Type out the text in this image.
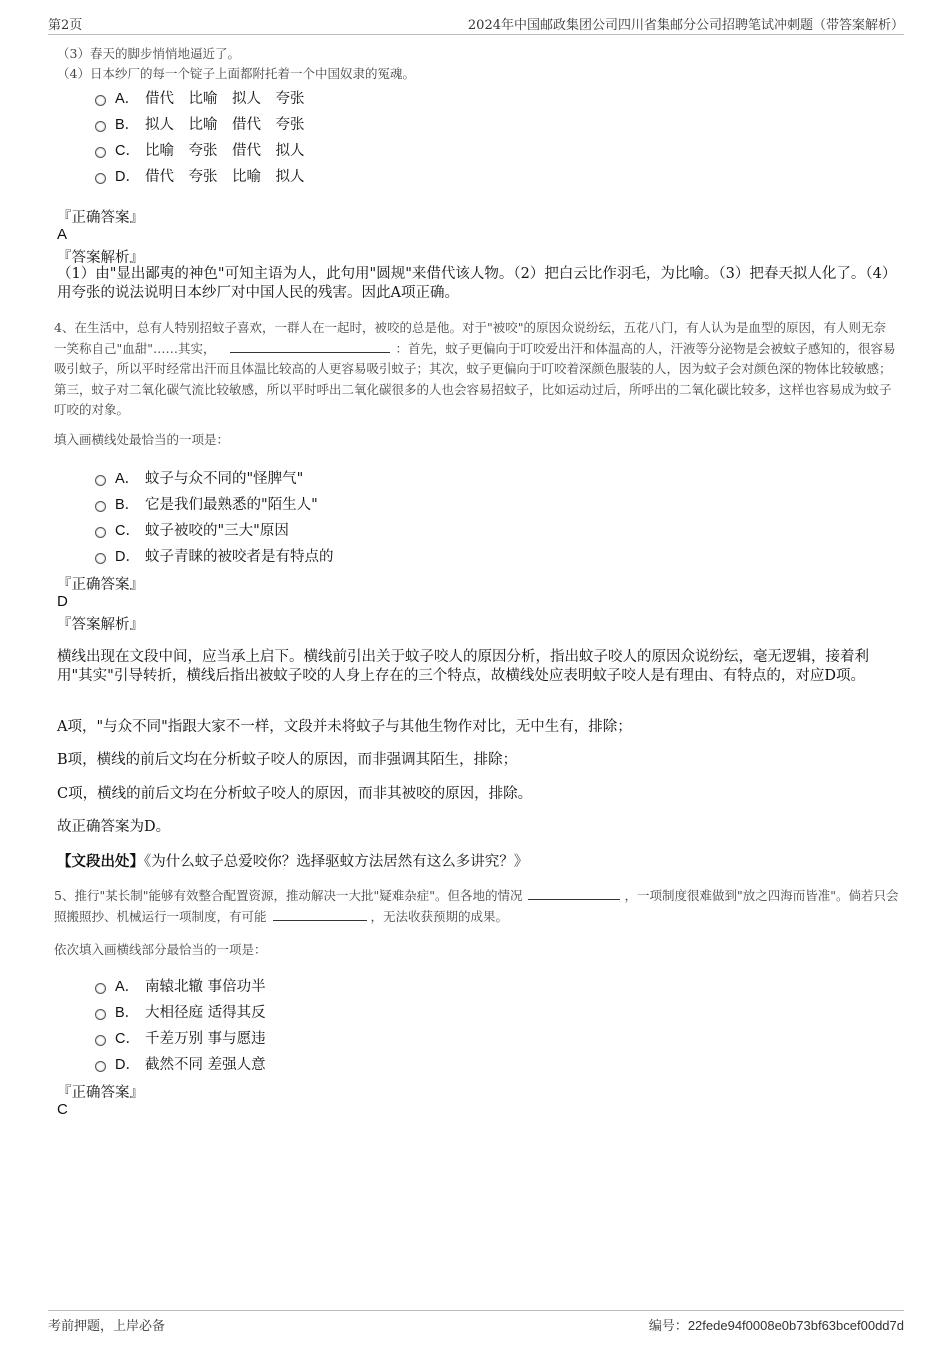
第2页	2024年中国邮政集团公司四川省集邮分公司招聘笔试冲刺题（带答案解析）
（3）春天的脚步悄悄地逼近了。
（4）日本纱厂的每一个锭子上面都附托着一个中国奴隶的冤魂。
A． 借代　比喻　拟人　夸张
B． 拟人　比喻　借代　夸张
C． 比喻　夸张　借代　拟人
D． 借代　夸张　比喻　拟人
『正确答案』
A
『答案解析』
（1）由"显出鄙夷的神色"可知主语为人，此句用"圆规"来借代该人物。（2）把白云比作羽毛，为比喻。（3）把春天拟人化了。（4）用夸张的说法说明日本纱厂对中国人民的残害。因此A项正确。
4、在生活中，总有人特别招蚊子喜欢，一群人在一起时，被咬的总是他。对于"被咬"的原因众说纷纭，五花八门，有人认为是血型的原因，有人则无奈一笑称自己"血甜"……其实，	：首先，蚊子更偏向于叮咬爱出汗和体温高的人，汗液等分泌物是会被蚊子感知的，很容易吸引蚊子，所以平时经常出汗而且体温比较高的人更容易吸引蚊子；其次，蚊子更偏向于叮咬着深颜色服装的人，因为蚊子会对颜色深的物体比较敏感；第三，蚊子对二氧化碳气流比较敏感，所以平时呼出二氧化碳很多的人也会容易招蚊子，比如运动过后，所呼出的二氧化碳比较多，这样也容易成为蚊子叮咬的对象。
填入画横线处最恰当的一项是：
A． 蚊子与众不同的"怪脾气"
B． 它是我们最熟悉的"陌生人"
C． 蚊子被咬的"三大"原因
D． 蚊子青睐的被咬者是有特点的
『正确答案』
D
『答案解析』
横线出现在文段中间，应当承上启下。横线前引出关于蚊子咬人的原因分析，指出蚊子咬人的原因众说纷纭，毫无逻辑，接着利用"其实"引导转折，横线后指出被蚊子咬的人身上存在的三个特点，故横线处应表明蚊子咬人是有理由、有特点的，对应D项。
A项，"与众不同"指跟大家不一样，文段并未将蚊子与其他生物作对比，无中生有，排除；
B项，横线的前后文均在分析蚊子咬人的原因，而非强调其陌生，排除；
C项，横线的前后文均在分析蚊子咬人的原因，而非其被咬的原因，排除。
故正确答案为D。
【文段出处】《为什么蚊子总爱咬你？选择驱蚊方法居然有这么多讲究？》
5、推行"某长制"能够有效整合配置资源，推动解决一大批"疑难杂症"。但各地的情况	，一项制度很难做到"放之四海而皆准"。倘若只会照搬照抄、机械运行一项制度，有可能	，无法收获预期的成果。
依次填入画横线部分最恰当的一项是：
A． 南辕北辙 事倍功半
B． 大相径庭 适得其反
C． 千差万别 事与愿违
D． 截然不同 差强人意
『正确答案』
C
考前押题，上岸必备	编号：22fede94f0008e0b73bf63bcef00dd7d
